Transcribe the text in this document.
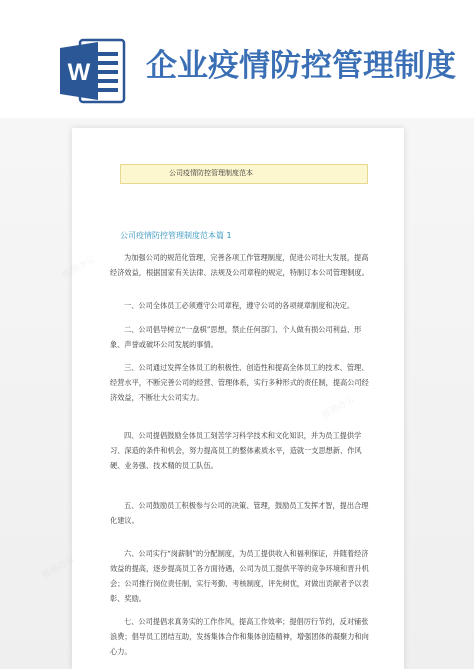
W 企业疫情防控管理制度
公司疫情防控管理制度范本
公司疫情防控管理制度范本篇 1
为加强公司的规范化管理，完善各项工作管理制度，促进公司壮大发展，提高经济效益，根据国家有关法律、法规及公司章程的规定，特制订本公司管理制度。
一、公司全体员工必须遵守公司章程，遵守公司的各项规章制度和决定。
二、公司倡导树立“一盘棋”思想，禁止任何部门、个人做有损公司利益、形象、声誉或破坏公司发展的事情。
三、公司通过发挥全体员工的积极性、创造性和提高全体员工的技术、管理、经营水平，不断完善公司的经营、管理体系，实行多种形式的责任制，提高公司经济效益，不断壮大公司实力。
四、公司提倡鼓励全体员工刻苦学习科学技术和文化知识，并为员工提供学习、深造的条件和机会，努力提高员工的整体素质水平，造就一支思想新、作风硬、业务强、技术精的员工队伍。
五、公司鼓励员工积极参与公司的决策、管理，鼓励员工发挥才智，提出合理化建议。
六、公司实行“岗薪制”的分配制度，为员工提供收入和福利保证，并随着经济效益的提高，逐步提高员工各方面待遇，公司为员工提供平等的竞争环境和晋升机会；公司推行岗位责任制，实行考勤、考核制度，评先树优，对做出贡献者予以表彰、奖励。
七、公司提倡求真务实的工作作风，提高工作效率；提倡厉行节约，反对铺张浪费；倡导员工团结互助，发扬集体合作和集体创造精神，增强团体的凝聚力和向心力。
